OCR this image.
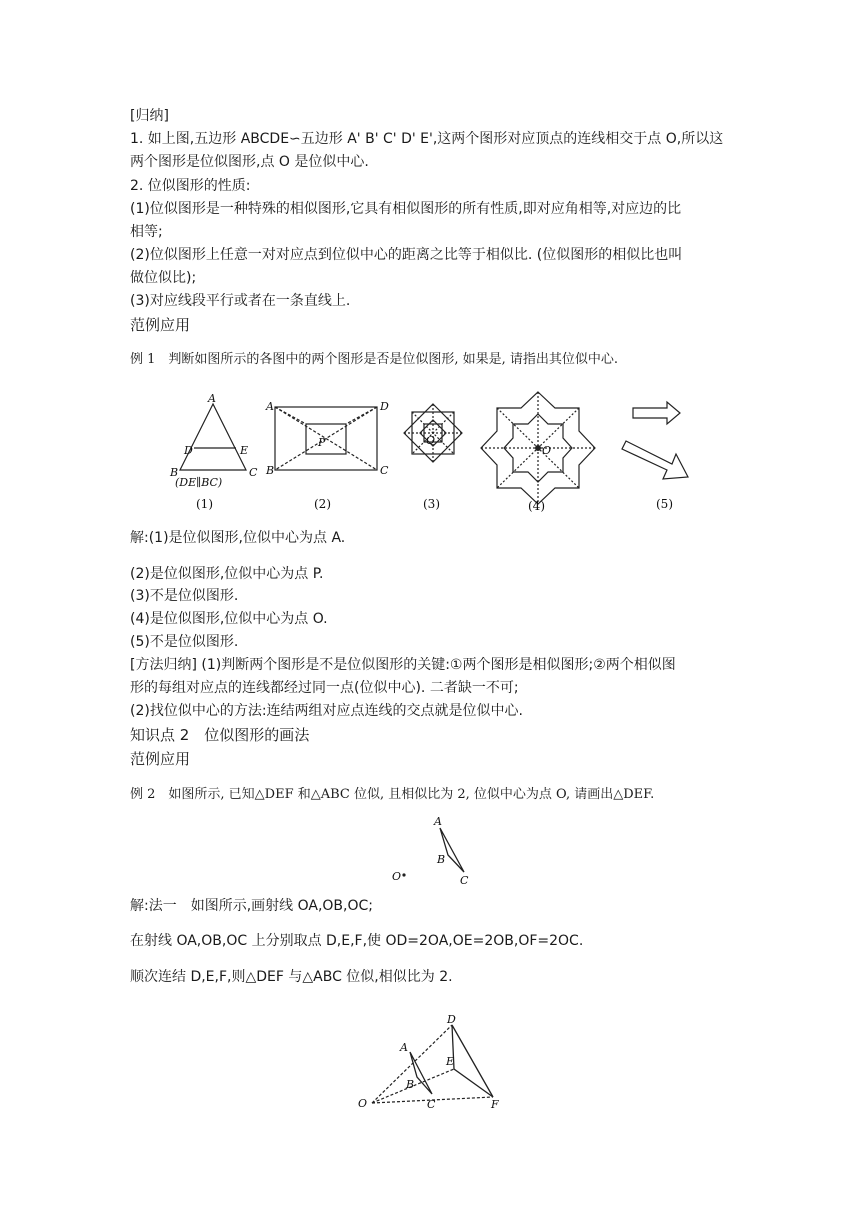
[归纳]
1. 如上图,五边形 ABCDE∽五边形 A' B' C' D' E',这两个图形对应顶点的连线相交于点 O,所以这
两个图形是位似图形,点 O 是位似中心.
2. 位似图形的性质:
(1)位似图形是一种特殊的相似图形,它具有相似图形的所有性质,即对应角相等,对应边的比
相等;
(2)位似图形上任意一对对应点到位似中心的距离之比等于相似比. (位似图形的相似比也叫
做位似比);
(3)对应线段平行或者在一条直线上.
范例应用
例 1　判断如图所示的各图中的两个图形是否是位似图形, 如果是, 请指出其位似中心.
A
D	E
B	C
(DE∥BC)
(1)
A	D
B	C
P
(2)
O
(3)
O
(4)	(5)
解:(1)是位似图形,位似中心为点 A.
(2)是位似图形,位似中心为点 P.
(3)不是位似图形.
(4)是位似图形,位似中心为点 O.
(5)不是位似图形.
[方法归纳] (1)判断两个图形是不是位似图形的关键:①两个图形是相似图形;②两个相似图
形的每组对应点的连线都经过同一点(位似中心). 二者缺一不可;
(2)找位似中心的方法:连结两组对应点连线的交点就是位似中心.
知识点 2　位似图形的画法
范例应用
例 2　如图所示, 已知△DEF 和△ABC 位似, 且相似比为 2, 位似中心为点 O, 请画出△DEF.
A
B
C
O
解:法一　如图所示,画射线 OA,OB,OC;
在射线 OA,OB,OC 上分别取点 D,E,F,使 OD=2OA,OE=2OB,OF=2OC.
顺次连结 D,E,F,则△DEF 与△ABC 位似,相似比为 2.
A
B
C
D
E
F
O
